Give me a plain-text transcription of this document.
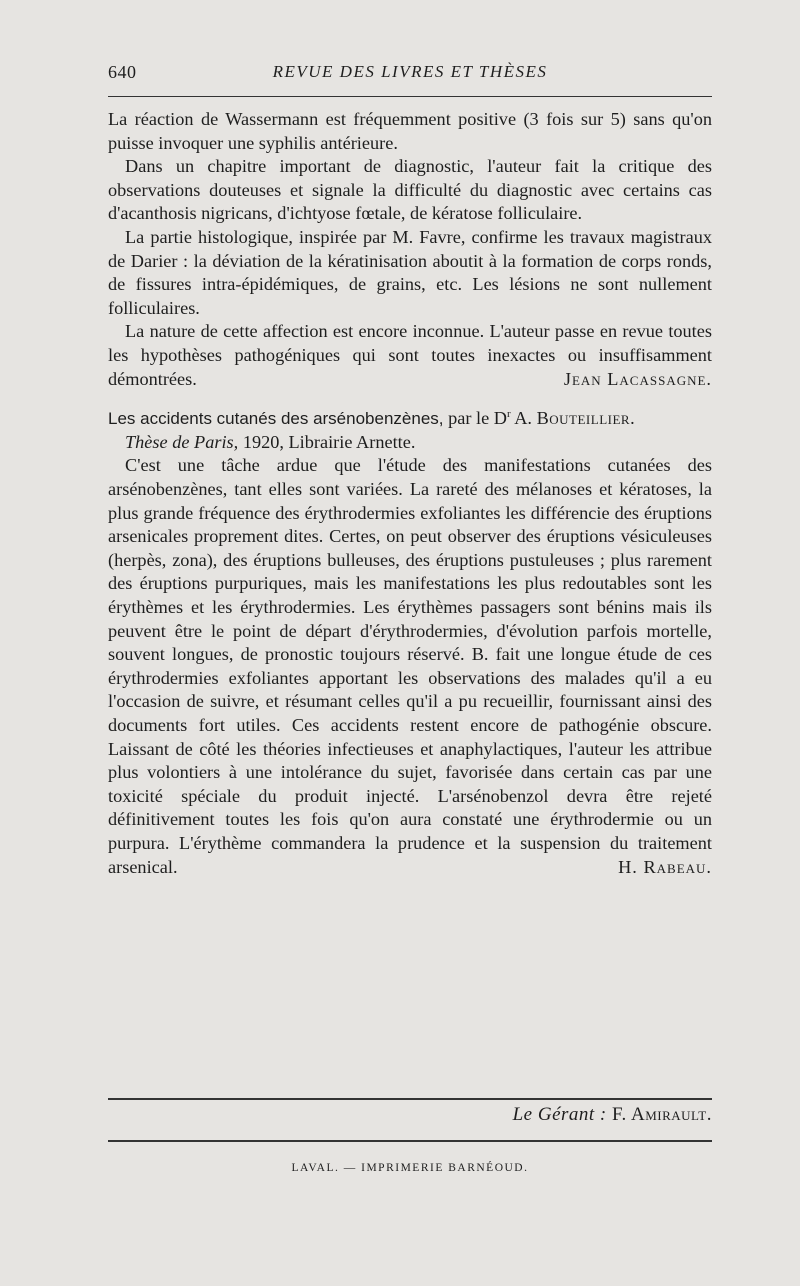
640	REVUE DES LIVRES ET THÈSES

La réaction de Wassermann est fréquemment positive (3 fois sur 5) sans qu'on puisse invoquer une syphilis antérieure.

Dans un chapitre important de diagnostic, l'auteur fait la critique des observations douteuses et signale la difficulté du diagnostic avec certains cas d'acanthosis nigricans, d'ichtyose fœtale, de kératose folliculaire.

La partie histologique, inspirée par M. Favre, confirme les travaux magistraux de Darier : la déviation de la kératinisation aboutit à la formation de corps ronds, de fissures intra-épidémiques, de grains, etc. Les lésions ne sont nullement folliculaires.

La nature de cette affection est encore inconnue. L'auteur passe en revue toutes les hypothèses pathogéniques qui sont toutes inexactes ou insuffisamment démontrées.	Jean Lacassagne.

Les accidents cutanés des arsénobenzènes, par le $D^r$ A. Bouteillier.

Thèse de Paris, 1920, Librairie Arnette.

C'est une tâche ardue que l'étude des manifestations cutanées des arsénobenzènes, tant elles sont variées. La rareté des mélanoses et kératoses, la plus grande fréquence des érythrodermies exfoliantes les différencie des éruptions arsenicales proprement dites. Certes, on peut observer des éruptions vésiculeuses (herpès, zona), des éruptions bulleuses, des éruptions pustuleuses ; plus rarement des éruptions purpuriques, mais les manifestations les plus redoutables sont les érythèmes et les érythrodermies. Les érythèmes passagers sont bénins mais ils peuvent être le point de départ d'érythrodermies, d'évolution parfois mortelle, souvent longues, de pronostic toujours réservé. B. fait une longue étude de ces érythrodermies exfoliantes apportant les observations des malades qu'il a eu l'occasion de suivre, et résumant celles qu'il a pu recueillir, fournissant ainsi des documents fort utiles. Ces accidents restent encore de pathogénie obscure. Laissant de côté les théories infectieuses et anaphylactiques, l'auteur les attribue plus volontiers à une intolérance du sujet, favorisée dans certain cas par une toxicité spéciale du produit injecté. L'arsénobenzol devra être rejeté définitivement toutes les fois qu'on aura constaté une érythrodermie ou un purpura. L'érythème commandera la prudence et la suspension du traitement arsenical.	H. Rabeau.

Le Gérant : F. Amirault.
LAVAL. — IMPRIMERIE BARNÉOUD.
